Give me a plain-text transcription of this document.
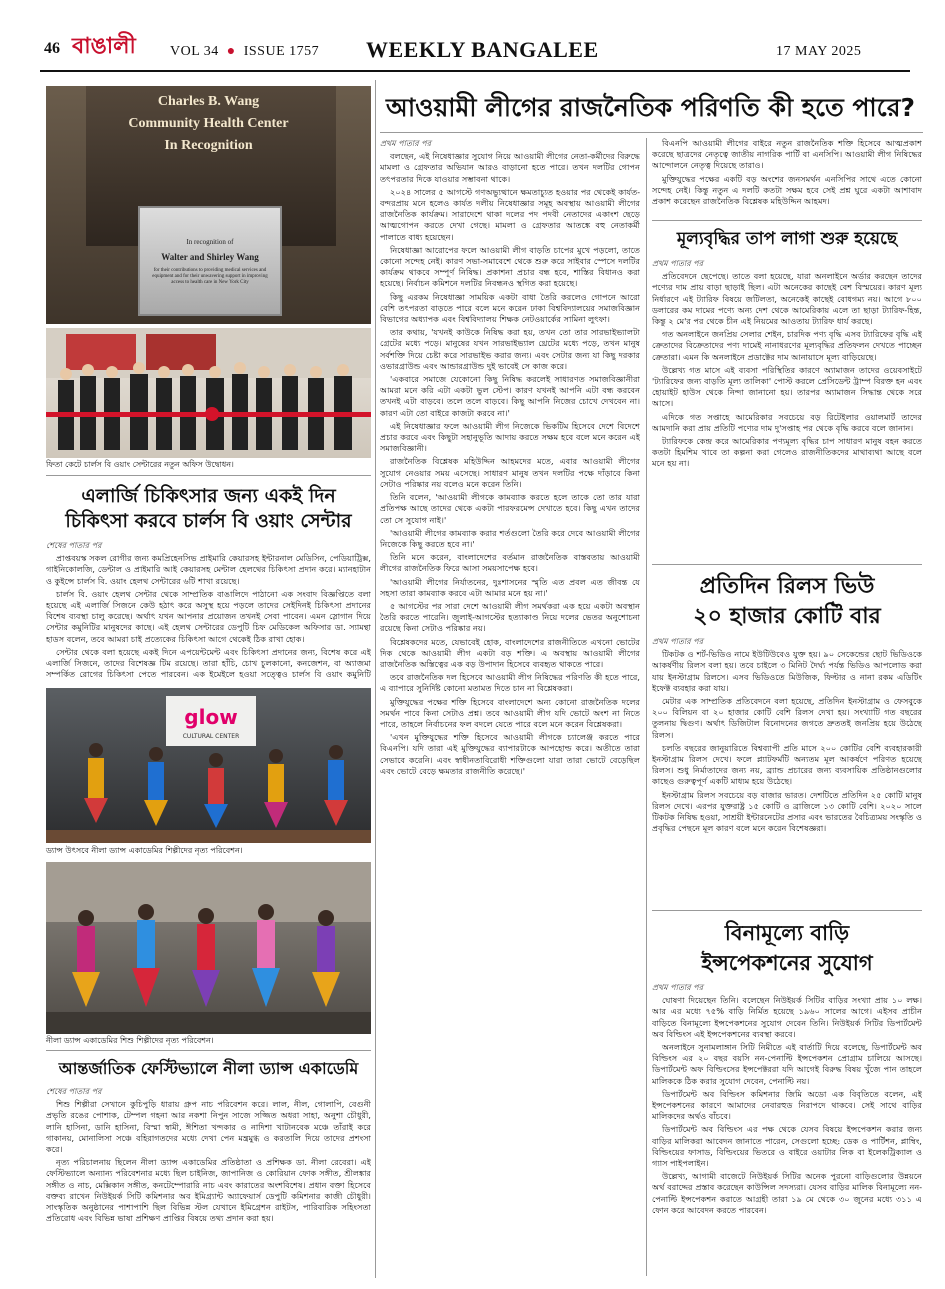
46 বাঙালী	VOL 34  ●  ISSUE 1757 WEEKLY BANGALEE	17 MAY 2025
Charles B. Wang
Community Health Center
In Recognition
In recognition of
Walter and Shirley Wang
for their contributions to providing medical services and equipment and for their unwavering support in improving access to health care in New York City
ফিতা কেটে চার্লস বি ওয়াং সেন্টারের নতুন অফিস উদ্বোধন।
এলার্জি চিকিৎসার জন্য একই দিন
চিকিৎসা করবে চার্লস বি ওয়াং সেন্টার
শেষের পাতার পর

প্রাপ্তবয়স্ক সকল রোগীর জন্য কমপ্রিহেনসিভ প্রাইমারি কেয়ারসহ ইন্টারনাল মেডিসিন, পেডিয়াট্রিক্স, গাইনিকোলজি, ডেন্টাল ও প্রাইমারি আই কেয়ারসহ মেন্টাল হেলথের চিকিৎসা প্রদান করে। ম্যানহাটান ও কুইন্সে চার্লস বি. ওয়াং হেলথ সেন্টারের ৬টি শাখা রয়েছে।

চার্লস বি. ওয়াং হেলথ সেন্টার থেকে সাম্প্রতিক বাঙালিদে পাঠানো এক সংবাদ বিজ্ঞপ্তিতে বলা হয়েছে এই এলার্জি সিজনে কেউ হঠাৎ করে অসুস্থ হয়ে পড়লে তাদের সেইদিনই চিকিৎসা প্রদানের বিশেষ ব্যবস্থা চালু করেছে। অর্থাৎ যখন আপনার প্রয়োজন তখনই সেবা পাবেন। এমন স্লোগান দিয়ে সেন্টার কমুনিটির মানুষদের কাছে। এই হেলথ সেন্টারের ডেপুটি চিফ মেডিকেল অফিসার ডা. স্যামন্থা হাডস বলেন, তবে আমরা চাই প্রত্যেকের চিকিৎসা আগে থেকেই ঠিক রাখা হোক।

সেন্টার থেকে বলা হয়েছে একই দিনে এপয়েন্টমেন্ট এবং চিকিৎসা প্রদানের জন্য, বিশেষ করে এই এলার্জি সিজনে, তাদের বিশেষজ্ঞ টিম রয়েছে। তারা হাঁচি, চোখ চুলকানো, কনজেশন, বা অ্যাজমা সম্পর্কিত রোগের চিকিৎসা পেতে পারবেন। এক ইমেইলে হওয়া সত্ত্বেও চার্লস বি ওয়াং কমুনিটি

glow
CULTURAL CENTER
ড্যান্স উৎসবে নীলা ড্যান্স একাডেমির শিল্পীদের নৃত্য পরিবেশন।
নীলা ড্যান্স একাডেমির শিশু শিল্পীদের নৃত্য পরিবেশন।
আন্তর্জাতিক ফেস্টিভ্যালে নীলা ড্যান্স একাডেমি
শেষের পাতার পর

শিশু শিল্পীরা সেখানে কুচিপুড়ি ধারায় গ্রুপ নাচ পরিবেশন করে। লাল, নীল, গোলাপি, বেগুনী প্রভৃতি রঙের পোশাক, টেম্পল গহনা আর নকশা নিপুন সাজে সজ্জিত অধরা সাহা, অনুশা চৌধুরী, লানি হাসিনা, ডানি হাসিনা, বিস্মা স্বামী, ঈশিতা খন্দকার ও নাদিশা খাটানবেক মঞ্চে তাঁরাই করে গাকানয়, মোনালিসা সঞ্চে বহিরাগতদের মধ্যে দেখা পেন মন্ত্রমুগ্ধ ও করতালি দিয়ে তাদের প্রশংসা করে।

নৃত্য পরিচালনায় ছিলেন নীলা ড্যান্স একাডেমির প্রতিষ্ঠাতা ও প্রশিক্ষক ডা. নীলা রেবেরা। এই ফেস্টিভ্যালে অন্যান্য পরিবেশনার মধ্যে ছিল চাইনিজ, জাপানিজ ও কোরিয়ান ফোক সঙ্গীত, শ্রীলঙ্কার সঙ্গীত ও নাচ, মেক্সিকান সঙ্গীত, কনটেম্পোরারি নাচ এবং কারাতের অংশবিশেষ। প্রধান বক্তা হিসেবে বক্তব্য রাখেন নিউইয়র্ক সিটি কমিশনার অব ইমিগ্র্যান্ট অ্যাফেয়ার্স ডেপুটি কমিশনার কাজী চৌধুরী। সাংস্কৃতিক অনুষ্ঠানের পাশাপাশি ছিল বিভিন্ন স্টল যেখানে ইমিগ্রেশন রাইটস, পারিবারিক সহিংসতা প্রতিরোধ এবং বিভিন্ন ভাষা প্রশিক্ষণ প্রাপ্তির বিষয়ে তথ্য প্রদান করা হয়।

আওয়ামী লীগের রাজনৈতিক পরিণতি কী হতে পারে?
প্রথম পাতার পর

বলছেন, এই নিষেধাজ্ঞার সুযোগ নিয়ে আওয়ামী লীগের নেতা-কর্মীদের বিরুদ্ধে মামলা ও গ্রেফতার অভিযান আরও বাড়ানো হতে পারে। তখন দলটির গোপন তৎপরতার দিকে যাওয়ার সম্ভাবনা থাকে।

২০২৪ সালের ৫ আগস্টে গণঅভ্যুত্থানে ক্ষমতাচ্যুত হওয়ার পর থেকেই কার্যত-বন্দরপ্রায় মনে হলেও কার্যত দলীয় নিষেধাজ্ঞার সমূহ অবস্থায় আওয়ামী লীগের রাজনৈতিক কার্যক্রম। সারাদেশে থাকা দলের পদ পদবী নেতাদের একাংশ ছেড়ে আত্মগোপন করতে দেখা গেছে। মামলা ও গ্রেফতার আতঙ্কে বহু নেতাকর্মী পালাতে বাধ্য হয়েছেন।

নিষেধাজ্ঞা আরোপের ফলে আওয়ামী লীগ বাড়তি চাপের মুখে পড়লো, তাতে কোনো সন্দেহ নেই। কারণ সভা-সমাবেশে থেকে শুরু করে সাইবার স্পেসে দলটির কার্যক্রম থাকবে সম্পূর্ণ নিষিদ্ধ। প্রকাশনা প্রচার বন্ধ হবে, শাস্তির বিধানও করা হয়েছে। নির্বাচন কমিশনে দলটির নিবন্ধনও স্থগিত করা হয়েছে।

কিছু এরকম নিষেধাজ্ঞা সাময়িক একটা বাধা তৈরি করলেও গোপনে আরো বেশি তৎপরতা বাড়তে পারে বলে মনে করেন ঢাকা বিশ্ববিদ্যালয়ের সমাজবিজ্ঞান বিভাগের অধ্যাপক এবং বিশ্ববিদ্যালয় শিক্ষক নেটওয়ার্কের সামিনা লুৎফা।

তার কথায়, 'যখনই কাউকে নিষিদ্ধ করা হয়, তখন তো তার সারভাইভ্যালটা গ্রেটের মধ্যে পড়ে। মানুষের যখন সারভাইভ্যাল থ্রেটের মধ্যে পড়ে, তখন মানুষ সর্বশক্তি দিয়ে চেষ্টা করে সারভাইভ করার জন্য। এবং সেটার জন্য যা কিছু দরকার ওভারগ্রাউন্ড এবং আন্ডারগ্রাউন্ড দুই ভাবেই সে কাজ করে।

'একবারে সমাজে যেকোনো কিছু নিষিদ্ধ করলেই সাধারণত সমাজবিজ্ঞানীরা আমরা মনে করি এটা একটা ভুল স্টেপ। কারণ যখনই আপনি এটা বন্ধ করবেন তখনই এটা বাড়বে। তলে তলে বাড়বে। কিছু আপনি নিজের চোখে দেখবেন না। কারণ এটা তো বাইরে কাজটা করবে না।'

এই নিষেধাজ্ঞার ফলে আওয়ামী লীগ নিজেকে ভিকটিম হিসেবে দেশে বিদেশে প্রচার করবে এবং কিছুটা সহানুভূতি আদায় করতে সক্ষম হবে বলে মনে করেন এই সমাজবিজ্ঞানী।

রাজনৈতিক বিশ্লেষক মহিউদ্দিন আহমদের মতে, এবার আওয়ামী লীগের সুযোগ নেওয়ার সময় এসেছে। সাধারণ মানুষ তখন দলটির পক্ষে দাঁড়াবে কিনা সেটাও পরিষ্কার নয় বলেও মনে করেন তিনি।

তিনি বলেন, 'আওয়ামী লীগকে কামব্যাক করতে হলে তাকে তো তার যারা প্রতিপক্ষ আছে তাদের থেকে একটা পারফরমেন্স দেখাতে হবে। কিছু এখন তাদের তো সে সুযোগ নাই।'

'আওয়ামী লীগের কামব্যাক করার শর্তগুলো তৈরি করে দেবে আওয়ামী লীগের নিজেকে কিছু করতে হবে না।'

তিনি মনে করেন, বাংলাদেশের বর্তমান রাজনৈতিক বাস্তবতায় আওয়ামী লীগের রাজনৈতিক ফিরে আসা সময়সাপেক্ষ হবে।

'আওয়ামী লীগের নির্যাতনের, দুঃশাসনের স্মৃতি এত প্রবল এত জীবন্ত যে সহসা তারা কামব্যাক করবে এটা আমার মনে হয় না।'

৫ আগস্টের পর সারা দেশে আওয়ামী লীগ সমর্থকরা এক হয়ে একটা অবস্থান তৈরি করতে পারেনি। জুলাই-আগস্টের হত্যাকাণ্ড নিয়ে দলের ভেতর অনুশোচনা রয়েছে কিনা সেটাও পরিষ্কার নয়।

বিশ্লেষকদের মতে, যেভাবেই হোক, বাংলাদেশের রাজনীতিতে এখনো ভোটের দিক থেকে আওয়ামী লীগ একটা বড় শক্তি। এ অবস্থায় আওয়ামী লীগের রাজনৈতিক অস্তিত্বের এক বড় উপাদান হিসেবে ব্যবহৃত থাকতে পারে।

তবে রাজনৈতিক দল হিসেবে আওয়ামী লীগ নিষিদ্ধের পরিণতি কী হতে পারে, এ ব্যাপারে সুনির্দিষ্ট কোনো মতামত দিতে চান না বিশ্লেষকরা।

মুক্তিযুদ্ধের পক্ষের শক্তি হিসেবে বাংলাদেশে অন্য কোনো রাজনৈতিক দলের সমর্থন পাবে কিনা সেটাও প্রশ্ন। তবে আওয়ামী লীগ যদি ভোটে অংশ না নিতে পারে, তাহলে নির্বাচনের ফল বদলে যেতে পারে বলে মনে করেন বিশ্লেষকরা।

'এখন মুক্তিযুদ্ধের শক্তি হিসেবে আওয়ামী লীগকে চ্যালেঞ্জ করতে পারে বিএনপি। যদি তারা এই মুক্তিযুদ্ধের ব্যাপারটাকে আপহোল্ড করে। অতীতে তারা সেভাবে করেনি। এবং স্বাধীনতাবিরোধী শক্তিগুলো যারা তারা ভোটে বেড়েছিল এবং ভোটে বেড়ে ক্ষমতার রাজনীতি করেছে।'

বিএনপি আওয়ামী লীগের বাইরে নতুন রাজনৈতিক শক্তি হিসেবে আত্মপ্রকাশ করেছে ছাত্রদের নেতৃত্বে জাতীয় নাগরিক পার্টি বা এনসিপি। আওয়ামী লীগ নিষিদ্ধের আন্দোলনে নেতৃত্ব দিয়েছে তারাও।

মুক্তিযুদ্ধের পক্ষের একটি বড় অংশের জনসমর্থন এনসিপির সাথে এতে কোনো সন্দেহ নেই। কিন্তু নতুন এ দলটি কতটা সক্ষম হবে সেই প্রশ্ন ঘুরে একটা আশাবাদ প্রকাশ করেছেন রাজনৈতিক বিশ্লেষক মহিউদ্দিন আহমদ।

মূল্যবৃদ্ধির তাপ লাগা শুরু হয়েছে
প্রথম পাতার পর

প্রতিবেদনে ছেপেছে। তাতে বলা হয়েছে, যারা অনলাইনে অর্ডার করছেন তাদের পণ্যের দাম প্রায় বাড়া ছাড়াই ছিল। এটা অনেকের কাছেই বেশ বিস্ময়ের। কারণ মূল্য নির্ধারণে এই ট্যারিফ বিষয়ে জটিলতা, অনেকেই কাছেই বোধগম্য নয়। আগে ৮০০ ডলারের কম দামের পণ্যে অন্য দেশ থেকে আমেরিকায় এলে তা ছাড়া ট্যারিফ-হিন্ত, কিন্তু ২ মে'র পর থেকে চীন এই নিয়মের আওতায় ট্যারিফ ধার্য করছে।

গত অনলাইনে জনপ্রিয় সেলার শেইন, চারদিক পণ্য বৃদ্ধি এসব ট্যারিফের বৃদ্ধি এই ক্রেতাদের বিক্রেতাদের পণ্য দামেই নানাধরণের মূল্যবৃদ্ধির প্রতিফলন দেখতে পাচ্ছেন ক্রেতারা। এমন কি অনলাইনে প্রডাক্টের দাম আনায়াসে মূল্য বাড়িয়েছে।

উল্লেখ্য গত মাসে এই ব্যবসা পরিস্থিতির কারণে অ্যামাজন তাদের ওয়েবসাইটে 'ট্যারিফের জন্য বাড়তি মূল্য তালিকা' পোস্ট করলে প্রেসিডেন্ট ট্রাম্প বিরক্ত হন এবং হোয়াইট হাউস থেকে নিন্দা জানানো হয়। তারপর অ্যামাজন সিদ্ধান্ত থেকে সরে আসে।

এদিকে গত সপ্তাহে আমেরিকার সবচেয়ে বড় রিটেইলার ওয়ালমার্ট তাদের আমদানি করা প্রায় প্রতিটি পণ্যের দাম দু'সপ্তাহ পর থেকে বৃদ্ধি করবে বলে জানান।

ট্যারিফকে কেন্দ্র করে আমেরিকার পণ্যমূল্য বৃদ্ধির চাপ সাধারণ মানুষ বহন করতে কতটা হিমশিম খাবে তা কল্পনা করা গেলেও রাজনীতিকদের মাথাব্যথা আছে বলে মনে হয় না।

প্রতিদিন রিলস ভিউ
২০ হাজার কোটি বার
প্রথম পাতার পর

টিকটক ও শর্ট-ভিডিও নামে ইউটিউবেও যুক্ত হয়। ৯০ সেকেন্ডের ছোট ভিডিওকে আকর্ষণীয় রিলস বলা হয়। তবে চাইলে ৩ মিনিট দৈর্ঘ্য পর্যন্ত ভিডিও আপলোড করা যায় ইনস্টাগ্রাম রিলসে। এসব ভিডিওতে মিউজিক, ফিল্টার ও নানা রকম এডিটিং ইফেক্ট ব্যবহার করা যায়।

মেটার এক সাম্প্রতিক প্রতিবেদনে বলা হয়েছে, প্রতিদিন ইনস্টাগ্রাম ও ফেসবুকে ২০০ বিলিয়ন বা ২০ হাজার কোটি বেশি রিলস দেখা হয়। সংখ্যাটি গত বছরের তুলনায় দ্বিগুণ। অর্থাৎ ডিজিটাল বিনোদনের জগতে দ্রুততই জনপ্রিয় হয়ে উঠেছে রিলস।

চলতি বছরের জানুয়ারিতে বিশ্বব্যাপী প্রতি মাসে ২০০ কোটির বেশি ব্যবহারকারী ইনস্টাগ্রাম রিলস দেখে। ফলে প্ল্যাটফর্মটি অন্যতম মূল আকর্ষণে পরিণত হয়েছে রিলস। শুধু নির্মাতাদের জন্য নয়, ব্র্যান্ড প্রচারের জন্য ব্যবসায়িক প্রতিষ্ঠানগুলোর কাছেও গুরুত্বপূর্ণ একটি মাধ্যম হয়ে উঠেছে।

ইনস্টাগ্রাম রিলস সবচেয়ে বড় বাজার ভারত। দেশটিতে প্রতিদিন ২৫ কোটি মানুষ রিলস দেখে। এরপর যুক্তরাষ্ট্র ১৫ কোটি ও ব্রাজিলে ১৩ কোটি বেশি। ২০২০ সালে টিকটক নিষিদ্ধ হওয়া, সাশ্রয়ী ইন্টারনেটের প্রসার এবং ভারতের বৈচিত্র্যময় সংস্কৃতি ও প্রবৃদ্ধির পেছনে মূল কারণ বলে মনে করেন বিশেষজ্ঞরা।

বিনামূল্যে বাড়ি
ইন্সপেকশনের সুযোগ
প্রথম পাতার পর

ঘোষণা দিয়েছেন তিনি। বলেছেন নিউইয়র্ক সিটির বাড়ির সংখ্যা প্রায় ১০ লক্ষ। আর এর মধ্যে ৭৫% বাড়ি নির্মিত হয়েছে ১৯৬০ সালের আগে। এইসব প্রাচীন বাড়িতে বিনামূল্যে ইন্সপেকশনের সুযোগ দেবেন তিনি। নিউইয়র্ক সিটির ডিপার্টমেন্ট অব বিল্ডিংস এই ইন্সপেকশনের ব্যবস্থা করবে।

অনলাইনে সুনামলাঙ্গান সিটি নিমীতে এই বার্তাটি দিয়ে বলেছে, ডিপার্টমেন্ট অব বিল্ডিংস এর ২০ বছর বয়সি নন-পেনাল্টি ইন্সপেকশন প্রোগ্রাম চালিয়ে আসছে। ডিপার্টমেন্ট অফ বিল্ডিংসের ইন্সপেক্টররা যদি আগেই বিরুদ্ধ বিষয় খুঁজে পান তাহলে মালিককে ঠিক করার সুযোগ দেবেন, পেনাল্টি নয়।

ডিপার্টমেন্ট অব বিল্ডিংস কমিশনার জিমি অডো এক বিবৃতিতে বলেন, এই ইন্সপেকশনের কারণে আমাদের নেবারহুড নিরাপদে থাকবে। সেই সাথে বাড়ির মালিকদের অর্থও বাঁচবে।

ডিপার্টমেন্ট অব বিল্ডিংস এর পক্ষ থেকে যেসব বিষয়ে ইন্সপেকশন করার জন্য বাড়ির মালিকরা আবেদন জানাতে পারেন, সেগুলো হচ্ছে: ডেক ও পার্টিশন, প্লাম্বিং, বিল্ডিংয়ের ফাসাড, বিল্ডিংয়ের ভিতরে ও বাইরে ওয়াটার লিক বা ইলেকট্রিক্যাল ও গ্যাস পাইপলাইন।

উল্লেখ্য, আগামী বাজেটে নিউইয়র্ক সিটির অনেক পুরনো বাড়িগুলোর উন্নয়নে অর্থ বরাদ্দের প্রস্তাব করেছেন কাউন্সিল সদস্যরা। যেসব বাড়ির মালিক বিনামূল্যে নন-পেনাল্টি ইন্সপেকশন করাতে আগ্রহী তারা ১৯ মে থেকে ৩০ জুনের মধ্যে ৩১১ এ ফোন করে আবেদন করতে পারবেন।
